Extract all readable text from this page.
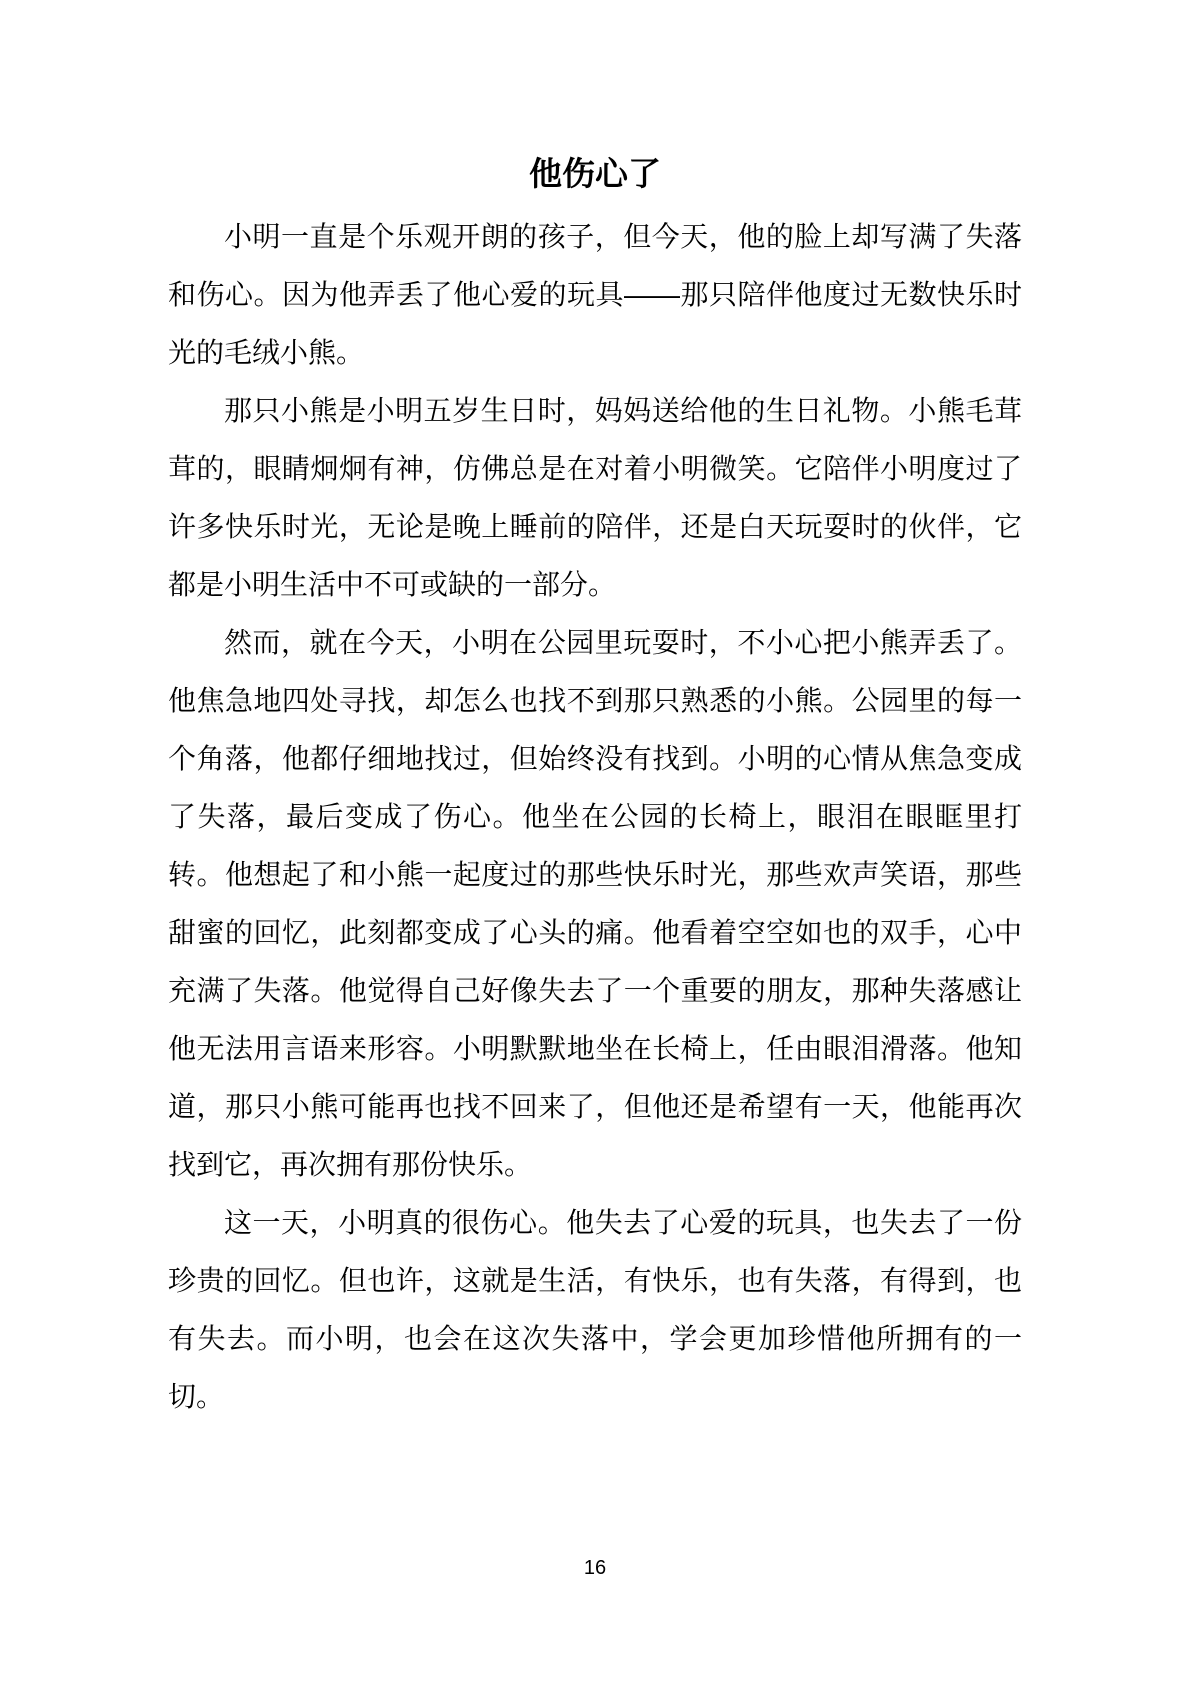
他伤心了

小明一直是个乐观开朗的孩子，但今天，他的脸上却写满了失落和伤心。因为他弄丢了他心爱的玩具——那只陪伴他度过无数快乐时光的毛绒小熊。

那只小熊是小明五岁生日时，妈妈送给他的生日礼物。小熊毛茸茸的，眼睛炯炯有神，仿佛总是在对着小明微笑。它陪伴小明度过了许多快乐时光，无论是晚上睡前的陪伴，还是白天玩耍时的伙伴，它都是小明生活中不可或缺的一部分。

然而，就在今天，小明在公园里玩耍时，不小心把小熊弄丢了。他焦急地四处寻找，却怎么也找不到那只熟悉的小熊。公园里的每一个角落，他都仔细地找过，但始终没有找到。小明的心情从焦急变成了失落，最后变成了伤心。他坐在公园的长椅上，眼泪在眼眶里打转。他想起了和小熊一起度过的那些快乐时光，那些欢声笑语，那些甜蜜的回忆，此刻都变成了心头的痛。他看着空空如也的双手，心中充满了失落。他觉得自己好像失去了一个重要的朋友，那种失落感让他无法用言语来形容。小明默默地坐在长椅上，任由眼泪滑落。他知道，那只小熊可能再也找不回来了，但他还是希望有一天，他能再次找到它，再次拥有那份快乐。

这一天，小明真的很伤心。他失去了心爱的玩具，也失去了一份珍贵的回忆。但也许，这就是生活，有快乐，也有失落，有得到，也有失去。而小明，也会在这次失落中，学会更加珍惜他所拥有的一切。

16
